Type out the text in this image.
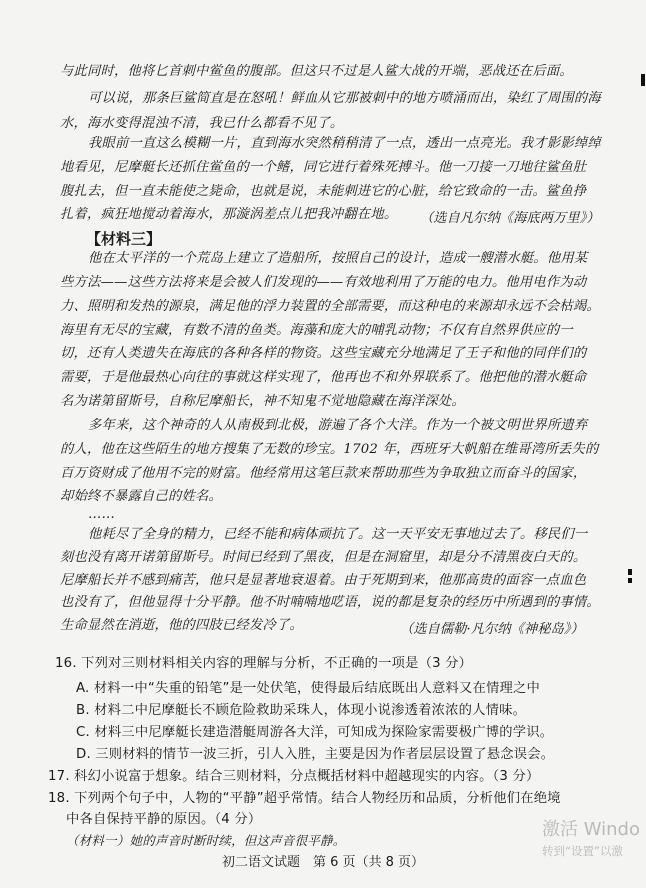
与此同时，他将匕首刺中鲎鱼的腹部。但这只不过是人鲨大战的开端，恶战还在后面。
可以说，那条巨鲨简直是在怒吼！鲜血从它那被刺中的地方喷涌而出，染红了周围的海
水，海水变得混浊不清，我已什么都看不见了。
我眼前一直这么模糊一片，直到海水突然稍稍清了一点，透出一点亮光。我才影影绰绰
地看见，尼摩艇长还抓住鲎鱼的一个鳍，同它进行着殊死搏斗。他一刀接一刀地往鲨鱼肚
腹扎去，但一直未能使之毙命，也就是说，未能刺进它的心脏，给它致命的一击。鲨鱼挣
扎着，疯狂地搅动着海水，那漩涡差点儿把我冲翻在地。 （选自凡尔纳《海底两万里》）
【材料三】
他在太平洋的一个荒岛上建立了造船所，按照自己的设计，造成一艘潜水艇。他用某
些方法——这些方法将来是会被人们发现的——有效地利用了万能的电力。他用电作为动
力、照明和发热的源泉，满足他的浮力装置的全部需要，而这种电的来源却永远不会枯竭。
海里有无尽的宝藏，有数不清的鱼类。海藻和庞大的哺乳动物；不仅有自然界供应的一
切，还有人类遗失在海底的各种各样的物资。这些宝藏充分地满足了王子和他的同伴们的
需要，于是他最热心向往的事就这样实现了，他再也不和外界联系了。他把他的潜水艇命
名为诺第留斯号，自称尼摩船长，神不知鬼不觉地隐藏在海洋深处。
多年来，这个神奇的人从南极到北极，游遍了各个大洋。作为一个被文明世界所遗弃
的人，他在这些陌生的地方搜集了无数的珍宝。1702 年，西班牙大帆船在维哥湾所丢失的
百万资财成了他用不完的财富。他经常用这笔巨款来帮助那些为争取独立而奋斗的国家，
却始终不暴露自己的姓名。
……
他耗尽了全身的精力，已经不能和病体顽抗了。这一天平安无事地过去了。移民们一
刻也没有离开诺第留斯号。时间已经到了黑夜，但是在洞窟里，却是分不清黑夜白天的。
尼摩船长并不感到痛苦，他只是显著地衰退着。由于死期到来，他那高贵的面容一点血色
也没有了，但他显得十分平静。他不时喃喃地呓语，说的都是复杂的经历中所遇到的事情。
生命显然在消逝，他的四肢已经发冷了。	（选自儒勒·凡尔纳《神秘岛》）
16. 下列对三则材料相关内容的理解与分析，不正确的一项是（3 分）
A. 材料一中“失重的铅笔”是一处伏笔，使得最后结底既出人意料又在情理之中
B. 材料二中尼摩艇长不顾危险救助采珠人，体现小说渗透着浓浓的人情味。
C. 材料三中尼摩艇长建造潜艇周游各大洋，可知成为探险家需要极广博的学识。
D. 三则材料的情节一波三折，引人入胜，主要是因为作者层层设置了悬念误会。
17. 科幻小说富于想象。结合三则材料，分点概括材料中超越现实的内容。（3 分）
18. 下列两个句子中，人物的“平静”超乎常情。结合人物经历和品质，分析他们在绝境
中各自保持平静的原因。（4 分）
（材料一）她的声音时断时续，但这声音很平静。
初二语文试题　第 6 页（共 8 页）
激活 Windo
转到“设置”以激
